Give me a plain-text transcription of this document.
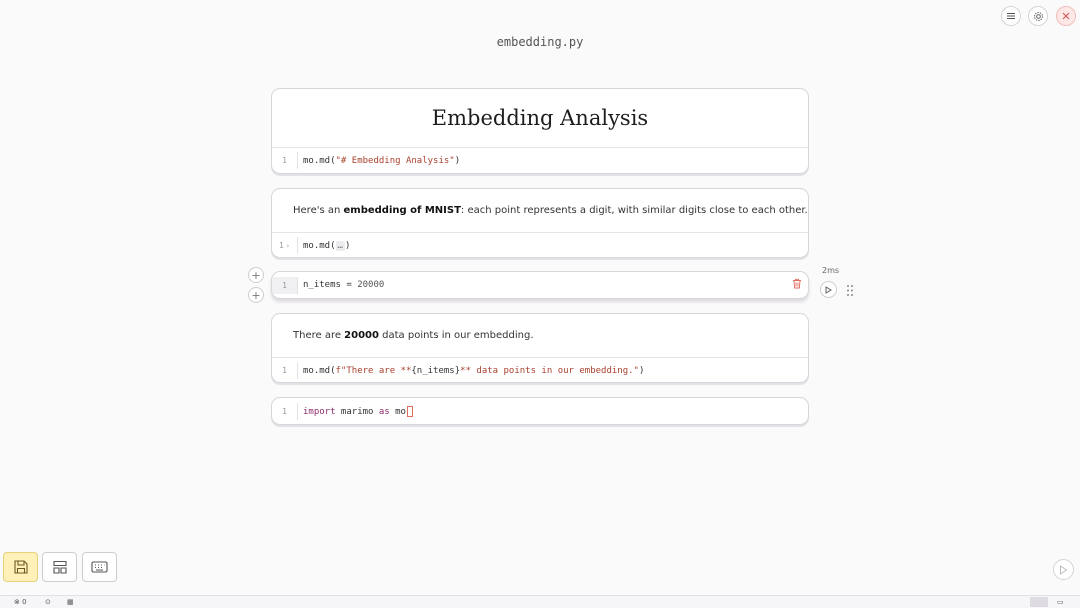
embedding.py
Embedding Analysis
1	mo.md("# Embedding Analysis")
Here's an embedding of MNIST: each point represents a digit, with similar digits close to each other.
1 ›	mo.md( … )
+
+
1	n_items = 20000
2ms
There are 20000 data points in our embedding.
1	mo.md(f"There are **{n_items}** data points in our embedding.")
1	import marimo as mo
⊗ 0	⊙ ▦	▭
